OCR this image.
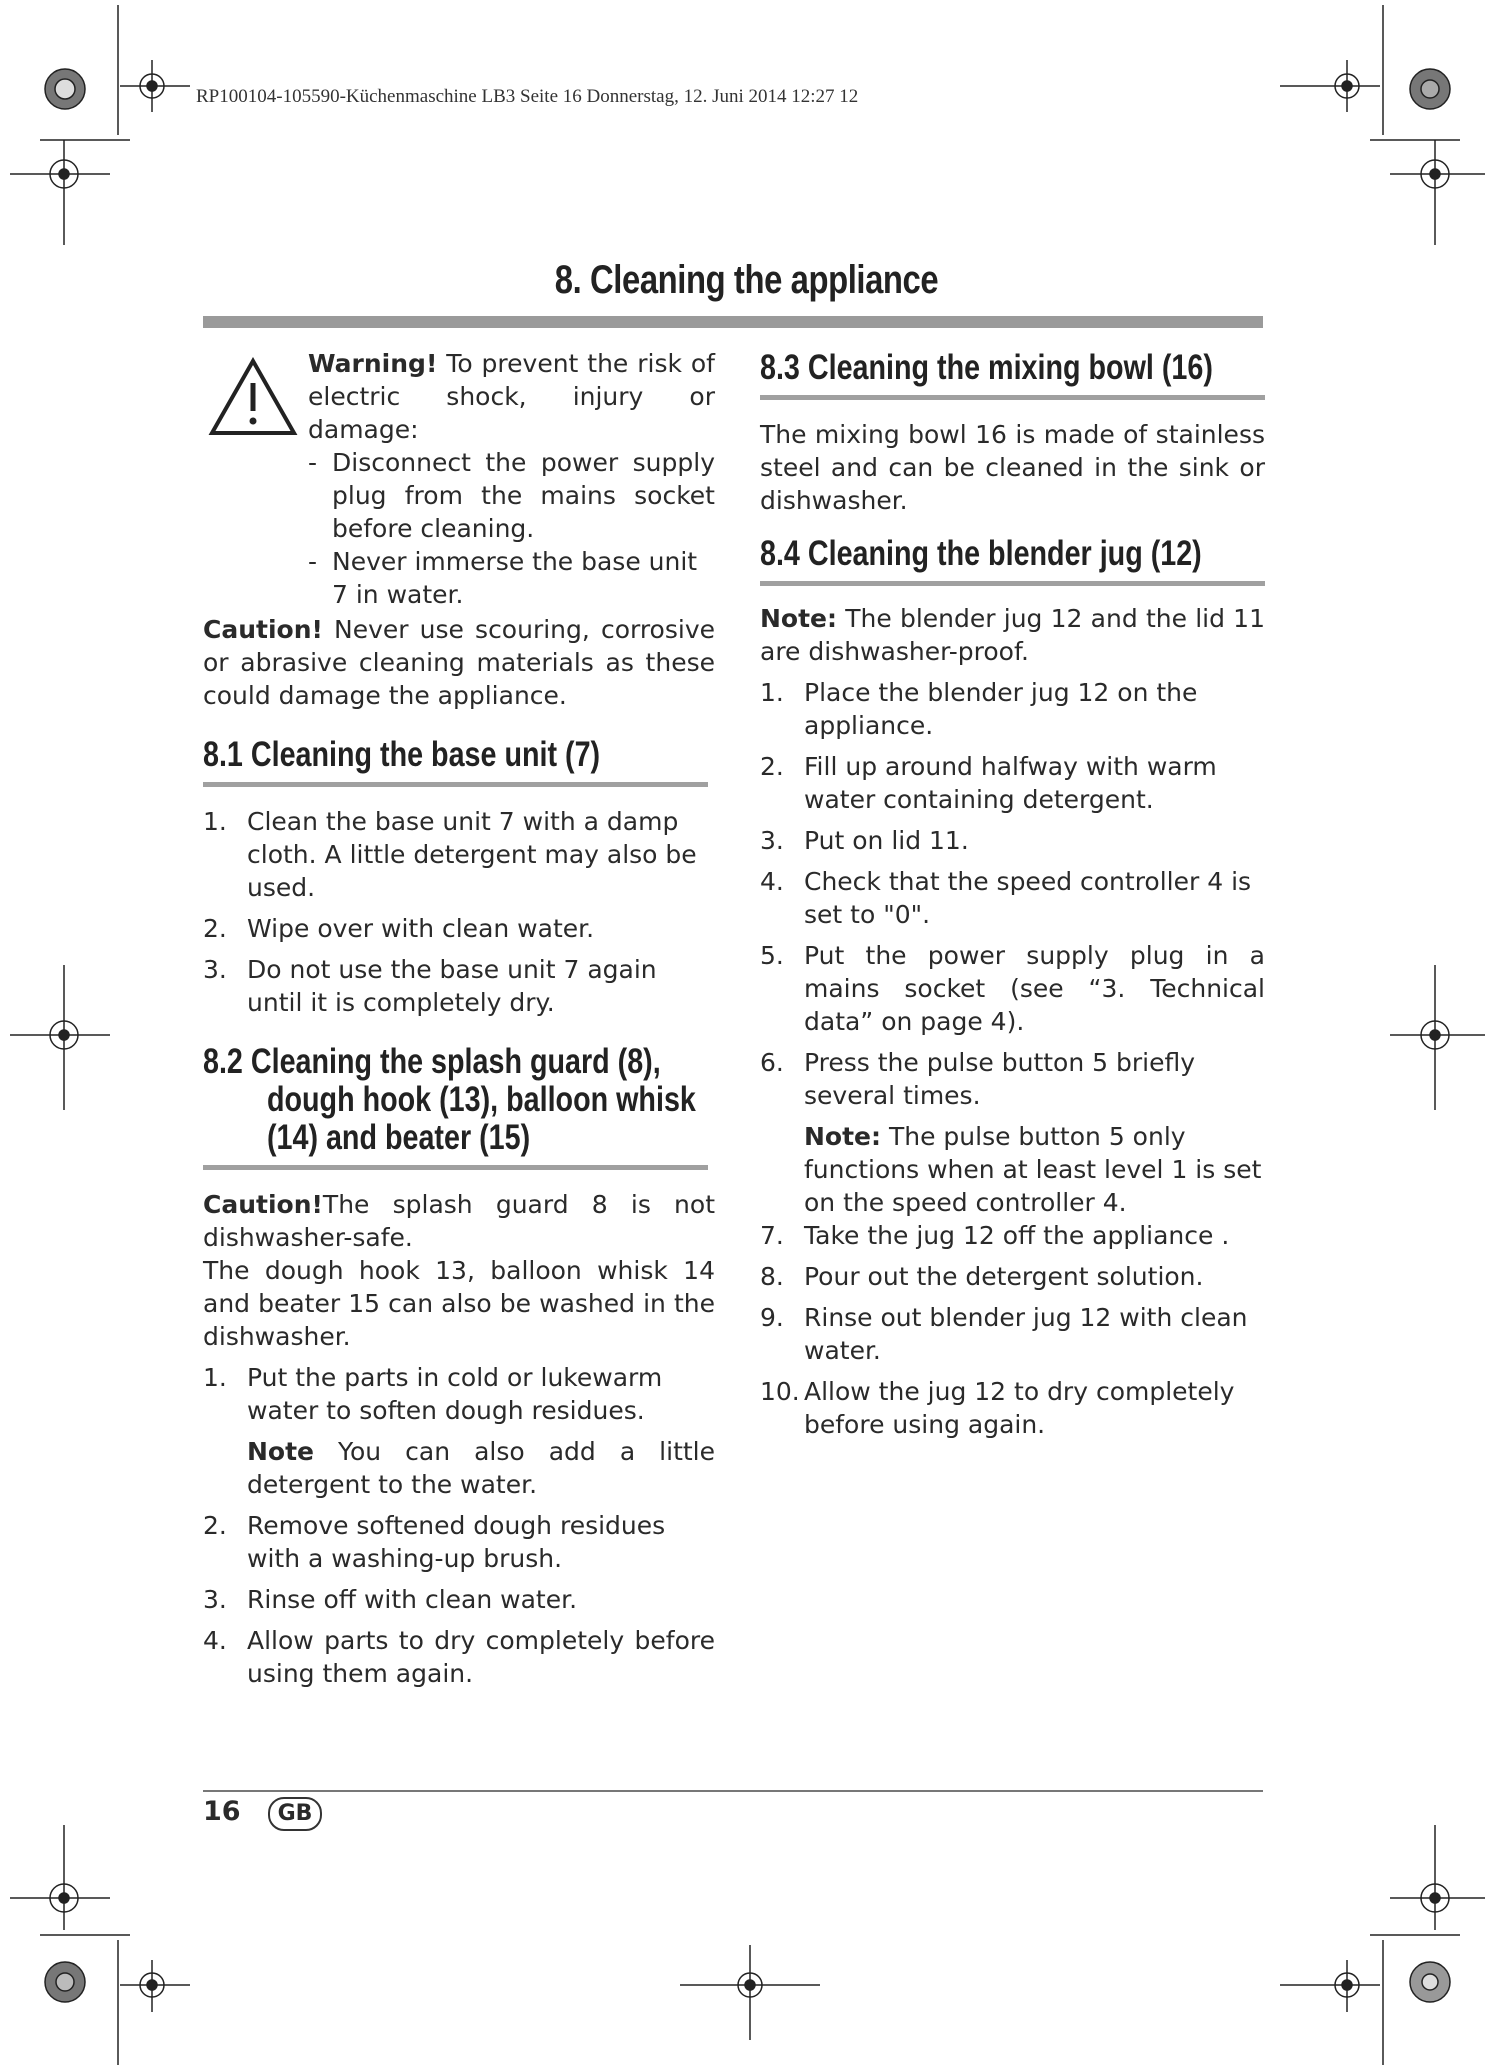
RP100104-105590-Küchenmaschine LB3 Seite 16 Donnerstag, 12. Juni 2014 12:27 12
8. Cleaning the appliance

Warning! To prevent the risk of electric shock, injury or damage:

- Disconnect the power supply plug from the mains socket before cleaning.

- Never immerse the base unit 7 in water.

Caution! Never use scouring, corrosive or abrasive cleaning materials as these could damage the appliance.

8.1 Cleaning the base unit (7)
1. Clean the base unit 7 with a damp cloth. A little detergent may also be used.

2. Wipe over with clean water.

3. Do not use the base unit 7 again until it is completely dry.

8.2 Cleaning the splash guard (8),
dough hook (13), balloon whisk
(14) and beater (15)

Caution!The splash guard 8 is not dishwasher-safe.

The dough hook 13, balloon whisk 14 and beater 15 can also be washed in the dishwasher.

1. Put the parts in cold or lukewarm water to soften dough residues.

Note You can also add a little detergent to the water.

2. Remove softened dough residues with a washing-up brush.

3. Rinse off with clean water.

4. Allow parts to dry completely before using them again.

8.3 Cleaning the mixing bowl (16)

The mixing bowl 16 is made of stainless steel and can be cleaned in the sink or dishwasher.

8.4 Cleaning the blender jug (12)

Note: The blender jug 12 and the lid 11 are dishwasher-proof.

1. Place the blender jug 12 on the appliance.

2. Fill up around halfway with warm water containing detergent.

3. Put on lid 11.

4. Check that the speed controller 4 is set to "0".

5. Put the power supply plug in a mains socket (see “3. Technical data” on page 4).

6. Press the pulse button 5 briefly several times.

Note: The pulse button 5 only functions when at least level 1 is set on the speed controller 4.

7. Take the jug 12 off the appliance .

8. Pour out the detergent solution.

9. Rinse out blender jug 12 with clean water.

10. Allow the jug 12 to dry completely before using again.

16	GB
